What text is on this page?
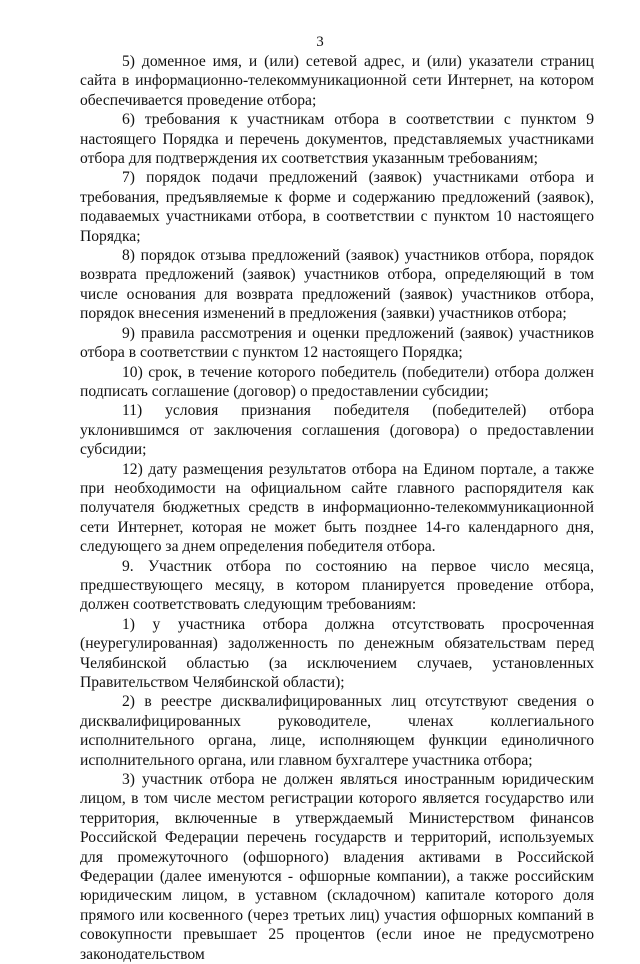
3

5) доменное имя, и (или) сетевой адрес, и (или) указатели страниц сайта в информационно-телекоммуникационной сети Интернет, на котором обеспечивается проведение отбора;

6) требования к участникам отбора в соответствии с пунктом 9 настоящего Порядка и перечень документов, представляемых участниками отбора для подтверждения их соответствия указанным требованиям;

7) порядок подачи предложений (заявок) участниками отбора и требования, предъявляемые к форме и содержанию предложений (заявок), подаваемых участниками отбора, в соответствии с пунктом 10 настоящего Порядка;

8) порядок отзыва предложений (заявок) участников отбора, порядок возврата предложений (заявок) участников отбора, определяющий в том числе основания для возврата предложений (заявок) участников отбора, порядок внесения изменений в предложения (заявки) участников отбора;

9) правила рассмотрения и оценки предложений (заявок) участников отбора в соответствии с пунктом 12 настоящего Порядка;

10) срок, в течение которого победитель (победители) отбора должен подписать соглашение (договор) о предоставлении субсидии;

11) условия признания победителя (победителей) отбора уклонившимся от заключения соглашения (договора) о предоставлении субсидии;

12) дату размещения результатов отбора на Едином портале, а также при необходимости на официальном сайте главного распорядителя как получателя бюджетных средств в информационно-телекоммуникационной сети Интернет, которая не может быть позднее 14-го календарного дня, следующего за днем определения победителя отбора.

9. Участник отбора по состоянию на первое число месяца, предшествующего месяцу, в котором планируется проведение отбора, должен соответствовать следующим требованиям:

1) у участника отбора должна отсутствовать просроченная (неурегулированная) задолженность по денежным обязательствам перед Челябинской областью (за исключением случаев, установленных Правительством Челябинской области);

2) в реестре дисквалифицированных лиц отсутствуют сведения о дисквалифицированных руководителе, членах коллегиального исполнительного органа, лице, исполняющем функции единоличного исполнительного органа, или главном бухгалтере участника отбора;

3) участник отбора не должен являться иностранным юридическим лицом, в том числе местом регистрации которого является государство или территория, включенные в утверждаемый Министерством финансов Российской Федерации перечень государств и территорий, используемых для промежуточного (офшорного) владения активами в Российской Федерации (далее именуются - офшорные компании), а также российским юридическим лицом, в уставном (складочном) капитале которого доля прямого или косвенного (через третьих лиц) участия офшорных компаний в совокупности превышает 25 процентов (если иное не предусмотрено законодательством
